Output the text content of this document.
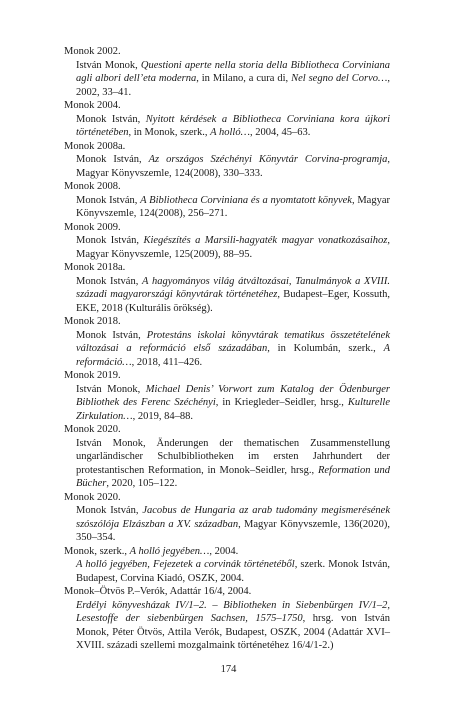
Monok 2002.
István Monok, Questioni aperte nella storia della Bibliotheca Corviniana agli albori dell’eta moderna, in Milano, a cura di, Nel segno del Corvo…, 2002, 33–41.
Monok 2004.
Monok István, Nyitott kérdések a Bibliotheca Corviniana kora újkori történetében, in Monok, szerk., A holló…, 2004, 45–63.
Monok 2008a.
Monok István, Az országos Széchényi Könyvtár Corvina-programja, Magyar Könyvszemle, 124(2008), 330–333.
Monok 2008.
Monok István, A Bibliotheca Corviniana és a nyomtatott könyvek, Magyar Könyvszemle, 124(2008), 256–271.
Monok 2009.
Monok István, Kiegészítés a Marsili-hagyaték magyar vonatkozásaihoz, Magyar Könyvszemle, 125(2009), 88–95.
Monok 2018a.
Monok István, A hagyományos világ átváltozásai, Tanulmányok a XVIII. századi magyarországi könyvtárak történetéhez, Budapest–Eger, Kossuth, EKE, 2018 (Kulturális örökség).
Monok 2018.
Monok István, Protestáns iskolai könyvtárak tematikus összetételének változásai a reformáció első századában, in Kolumbán, szerk., A reformáció…, 2018, 411–426.
Monok 2019.
István Monok, Michael Denis’ Vorwort zum Katalog der Ödenburger Bibliothek des Ferenc Széchényi, in Kriegleder–Seidler, hrsg., Kulturelle Zirkulation…, 2019, 84–88.
Monok 2020.
István Monok, Änderungen der thematischen Zusammenstellung ungarländischer Schulbibliotheken im ersten Jahrhundert der protestantischen Reformation, in Monok–Seidler, hrsg., Reformation und Bücher, 2020, 105–122.
Monok 2020.
Monok István, Jacobus de Hungaria az arab tudomány megismerésének szószólója Elzászban a XV. században, Magyar Könyvszemle, 136(2020), 350–354.
Monok, szerk., A holló jegyében…, 2004.
A holló jegyében, Fejezetek a corvinák történetéből, szerk. Monok István, Budapest, Corvina Kiadó, OSZK, 2004.
Monok–Ötvös P.–Verók, Adattár 16/4, 2004.
Erdélyi könyvesházak IV/1–2. – Bibliotheken in Siebenbürgen IV/1–2, Lesestoffe der siebenbürgen Sachsen, 1575–1750, hrsg. von István Monok, Péter Ötvös, Attila Verók, Budapest, OSZK, 2004 (Adattár XVI–XVIII. századi szellemi mozgalmaink történetéhez 16/4/1-2.)
174
